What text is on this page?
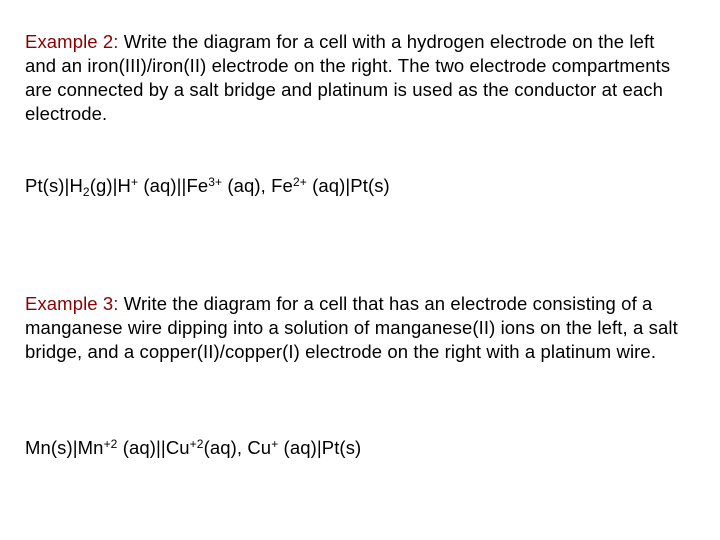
Example 2: Write the diagram for a cell with a hydrogen electrode on the left and an iron(III)/iron(II) electrode on the right. The two electrode compartments are connected by a salt bridge and platinum is used as the conductor at each electrode.

$Pt(s)|H_2(g)|H^+$ $(aq)||Fe^{3+}$ (aq), $Fe^{2+}$ (aq)|Pt(s)

Example 3: Write the diagram for a cell that has an electrode consisting of a manganese wire dipping into a solution of manganese(II) ions on the left, a salt bridge, and a copper(II)/copper(I) electrode on the right with a platinum wire.

$Mn(s)|Mn^{+2}$ $(aq)||Cu^{+2}(aq)$, Cu+ (aq)|Pt(s)
